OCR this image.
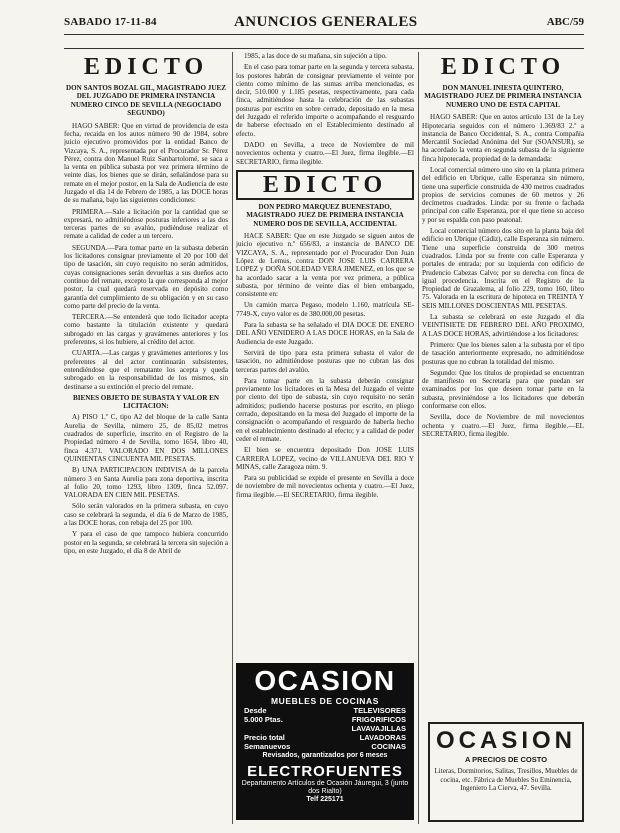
SABADO 17-11-84	ANUNCIOS GENERALES	ABC/59
EDICTO
DON SANTOS BOZAL GIL, MAGISTRADO JUEZ DEL JUZGADO DE PRIMERA INSTANCIA NUMERO CINCO DE SEVILLA (NEGOCIADO SEGUNDO)

HAGO SABER: Que en virtud de providencia de esta fecha, recaida en los autos número 90 de 1984, sobre juicio ejecutivo promovidos por la entidad Banco de Vizcaya, S. A., representada por el Procurador Sr. Pérez Pérez, contra don Manuel Ruiz Sanbartolomé, se saca a la venta en pública subasta por vez primera término de veinte días, los bienes que se dirán, señalándose para su remate en el mejor postor, en la Sala de Audiencia de este Juzgado el día 14 de Febrero de 1985, a las DOCE horas de su mañana, bajo las siguientes condiciones:

PRIMERA.—Sale a licitación por la cantidad que se expresará, no admitiéndose posturas inferiores a las dos terceras partes de su avalúo, pudiéndose realizar el remate a calidad de ceder a un tercero.

SEGUNDA.—Para tomar parte en la subasta deberán los licitadores consignar previamente el 20 por 100 del tipo de tasación, sin cuyo requisito no serán admitidos, cuyas consignaciones serán devueltas a sus dueños acto continuo del remate, excepto la que corresponda al mejor postor, la cual quedará reservada en depósito como garantía del cumplimiento de su obligación y en su caso como parte del precio de la venta.

TERCERA.—Se entenderá que todo licitador acepta como bastante la titulación existente y quedará subrogado en las cargas y gravámenes anteriores y los preferentes, si los hubiere, al crédito del actor.

CUARTA.—Las cargas y gravámenes anteriores y los preferentes al del actor continuarán subsistentes, entendiéndose que el rematante los acepta y queda subrogado en la responsabilidad de los mismos, sin destinarse a su extinción el precio del remate.

BIENES OBJETO DE SUBASTA Y VALOR EN LICITACION:

A) PISO 1.º C, tipo A2 del bloque de la calle Santa Aurelia de Sevilla, número 25, de 85,02 metros cuadrados de superficie, inscrito en el Registro de la Propiedad número 4 de Sevilla, tomo 1654, libro 40, finca 4.371. VALORADO EN DOS MILLONES QUINIENTAS CINCUENTA MIL PESETAS.

B) UNA PARTICIPACION INDIVISA de la parcela número 3 en Santa Aurelia para zona deportiva, inscrita al folio 20, tomo 1293, libro 1309, finca 52.097. VALORADA EN CIEN MIL PESETAS.

Sólo serán valorados en la primera subasta, en cuyo caso se celebrará la segunda, el día 6 de Marzo de 1985, a las DOCE horas, con rebaja del 25 por 100.

Y para el caso de que tampoco hubiera concurrido postor en la segunda, se celebrará la tercera sin sujeción a tipo, en este Juzgado, el día 8 de Abril de

1985, a las doce de su mañana, sin sujeción a tipo.

En el caso para tomar parte en la segunda y tercera subasta, los postores habrán de consignar previamente el veinte por ciento como mínimo de las sumas arriba mencionadas, es decir, 510.000 y 1.185 pesetas, respectivamente, para cada finca, admitiéndose hasta la celebración de las subastas posturas por escrito en sobre cerrado, depositado en la mesa del Juzgado el referido importe o acompañando el resguardo de haberse efectuado en el Establecimiento destinado al efecto.

DADO en Sevilla, a trece de Noviembre de mil novecientos ochenta y cuatro.—El Juez, firma ilegible.—El SECRETARIO, firma ilegible.

EDICTO
DON PEDRO MARQUEZ BUENESTADO, MAGISTRADO JUEZ DE PRIMERA INSTANCIA NUMERO DOS DE SEVILLA, ACCIDENTAL

HACE SABER: Que en este Juzgado se siguen autos de juicio ejecutivo n.º 656/83, a instancia de BANCO DE VIZCAYA, S. A., representado por el Procurador Don Juan López de Lemus, contra DON JOSE LUIS CARRERA LOPEZ y DOÑA SOLEDAD VERA JIMENEZ, en los que se ha acordado sacar a la venta por vez primera, a pública subasta, por término de veinte días el bien embargado, consistente en:

Un camión marca Pegaso, modelo 1.160, matrícula SE-7749-X, cuyo valor es de 380.000,00 pesetas.

Para la subasta se ha señalado el DIA DOCE DE ENERO DEL AÑO VENIDERO A LAS DOCE HORAS, en la Sala de Audiencia de este Juzgado.

Servirá de tipo para esta primera subasta el valor de tasación, no admitiéndose posturas que no cubran las dos terceras partes del avalúo.

Para tomar parte en la subasta deberán consignar previamente los licitadores en la Mesa del Juzgado el veinte por ciento del tipo de subasta, sin cuyo requisito no serán admitidos; pudiendo hacerse posturas por escrito, en pliego cerrado, depositando en la mesa del Juzgado el importe de la consignación o acompañando el resguardo de haberla hecho en el establecimiento destinado al efecto; y a calidad de poder ceder el remate.

El bien se encuentra depositado Don JOSE LUIS CARRERA LOPEZ, vecino de VILLANUEVA DEL RIO Y MINAS, calle Zaragoza núm. 9.

Para su publicidad se expide el presente en Sevilla a doce de noviembre de mil novecientos ochenta y cuatro.—El Juez, firma ilegible.—El SECRETARIO, firma ilegible.

OCASION
MUEBLES DE COCINAS
Desde	TELEVISORES
5.000 Ptas.	FRIGORIFICOS
LAVAVAJILLAS
Precio total	LAVADORAS
Semanuevos	COCINAS
Revisados, garantizados por 6 meses
ELECTROFUENTES
Departamento Artículos de Ocasión Jáuregui, 3 (junto dos Rialto)
Telf 225171
EDICTO
DON MANUEL INIESTA QUINTERO, MAGISTRADO JUEZ DE PRIMERA INSTANCIA NUMERO UNO DE ESTA CAPITAL

HAGO SABER: Que en autos artículo 131 de la Ley Hipotecaria seguidos con el número 1.369/83 2.º a instancia de Banco Occidental, S. A., contra Compañía Mercantil Sociedad Anónima del Sur (SOANSUR), se ha acordado la venta en segunda subasta de la siguiente finca hipotecada, propiedad de la demandada:

Local comercial número uno sito en la planta primera del edificio en Ubrique, calle Esperanza sin número, tiene una superficie construida de 430 metros cuadrados propios de servicios comunes de 60 metros y 26 decímetros cuadrados. Linda: por su frente o fachada principal con calle Esperanza, por el que tiene su acceso y por su espalda con paso peatonal.

Local comercial número dos sito en la planta baja del edificio en Ubrique (Cádiz), calle Esperanza sin número. Tiene una superficie construida de 300 metros cuadrados. Linda por su frente con calle Esperanza y portales de entrada; por su izquierda con edificio de Prudencio Cabezas Calvo; por su derecha con finca de igual procedencia. Inscrita en el Registro de la Propiedad de Grazalema, al folio 229, tomo 160, libro 75. Valorada en la escritura de hipoteca en TREINTA Y SEIS MILLONES DOSCIENTAS MIL PESETAS.

La subasta se celebrará en este Juzgado el día VEINTISIETE DE FEBRERO DEL AÑO PROXIMO, A LAS DOCE HORAS, advirtiéndose a los licitadores:

Primero: Que los bienes salen a la subasta por el tipo de tasación anteriormente expresado, no admitiéndose posturas que no cubran la totalidad del mismo.

Segundo: Que los títulos de propiedad se encuentran de manifiesto en Secretaría para que puedan ser examinados por los que deseen tomar parte en la subasta, previniéndose a los licitadores que deberán conformarse con ellos.

Sevilla, doce de Noviembre de mil novecientos ochenta y cuatro.—El Juez, firma ilegible.—EL SECRETARIO, firma ilegible.

OCASION
A PRECIOS DE COSTO
Literas, Dormitorios, Salitas, Tresillos, Muebles de cocina, etc. Fábrica de Muebles Su Eminencia, Ingeniero La Cierva, 47. Sevilla.
